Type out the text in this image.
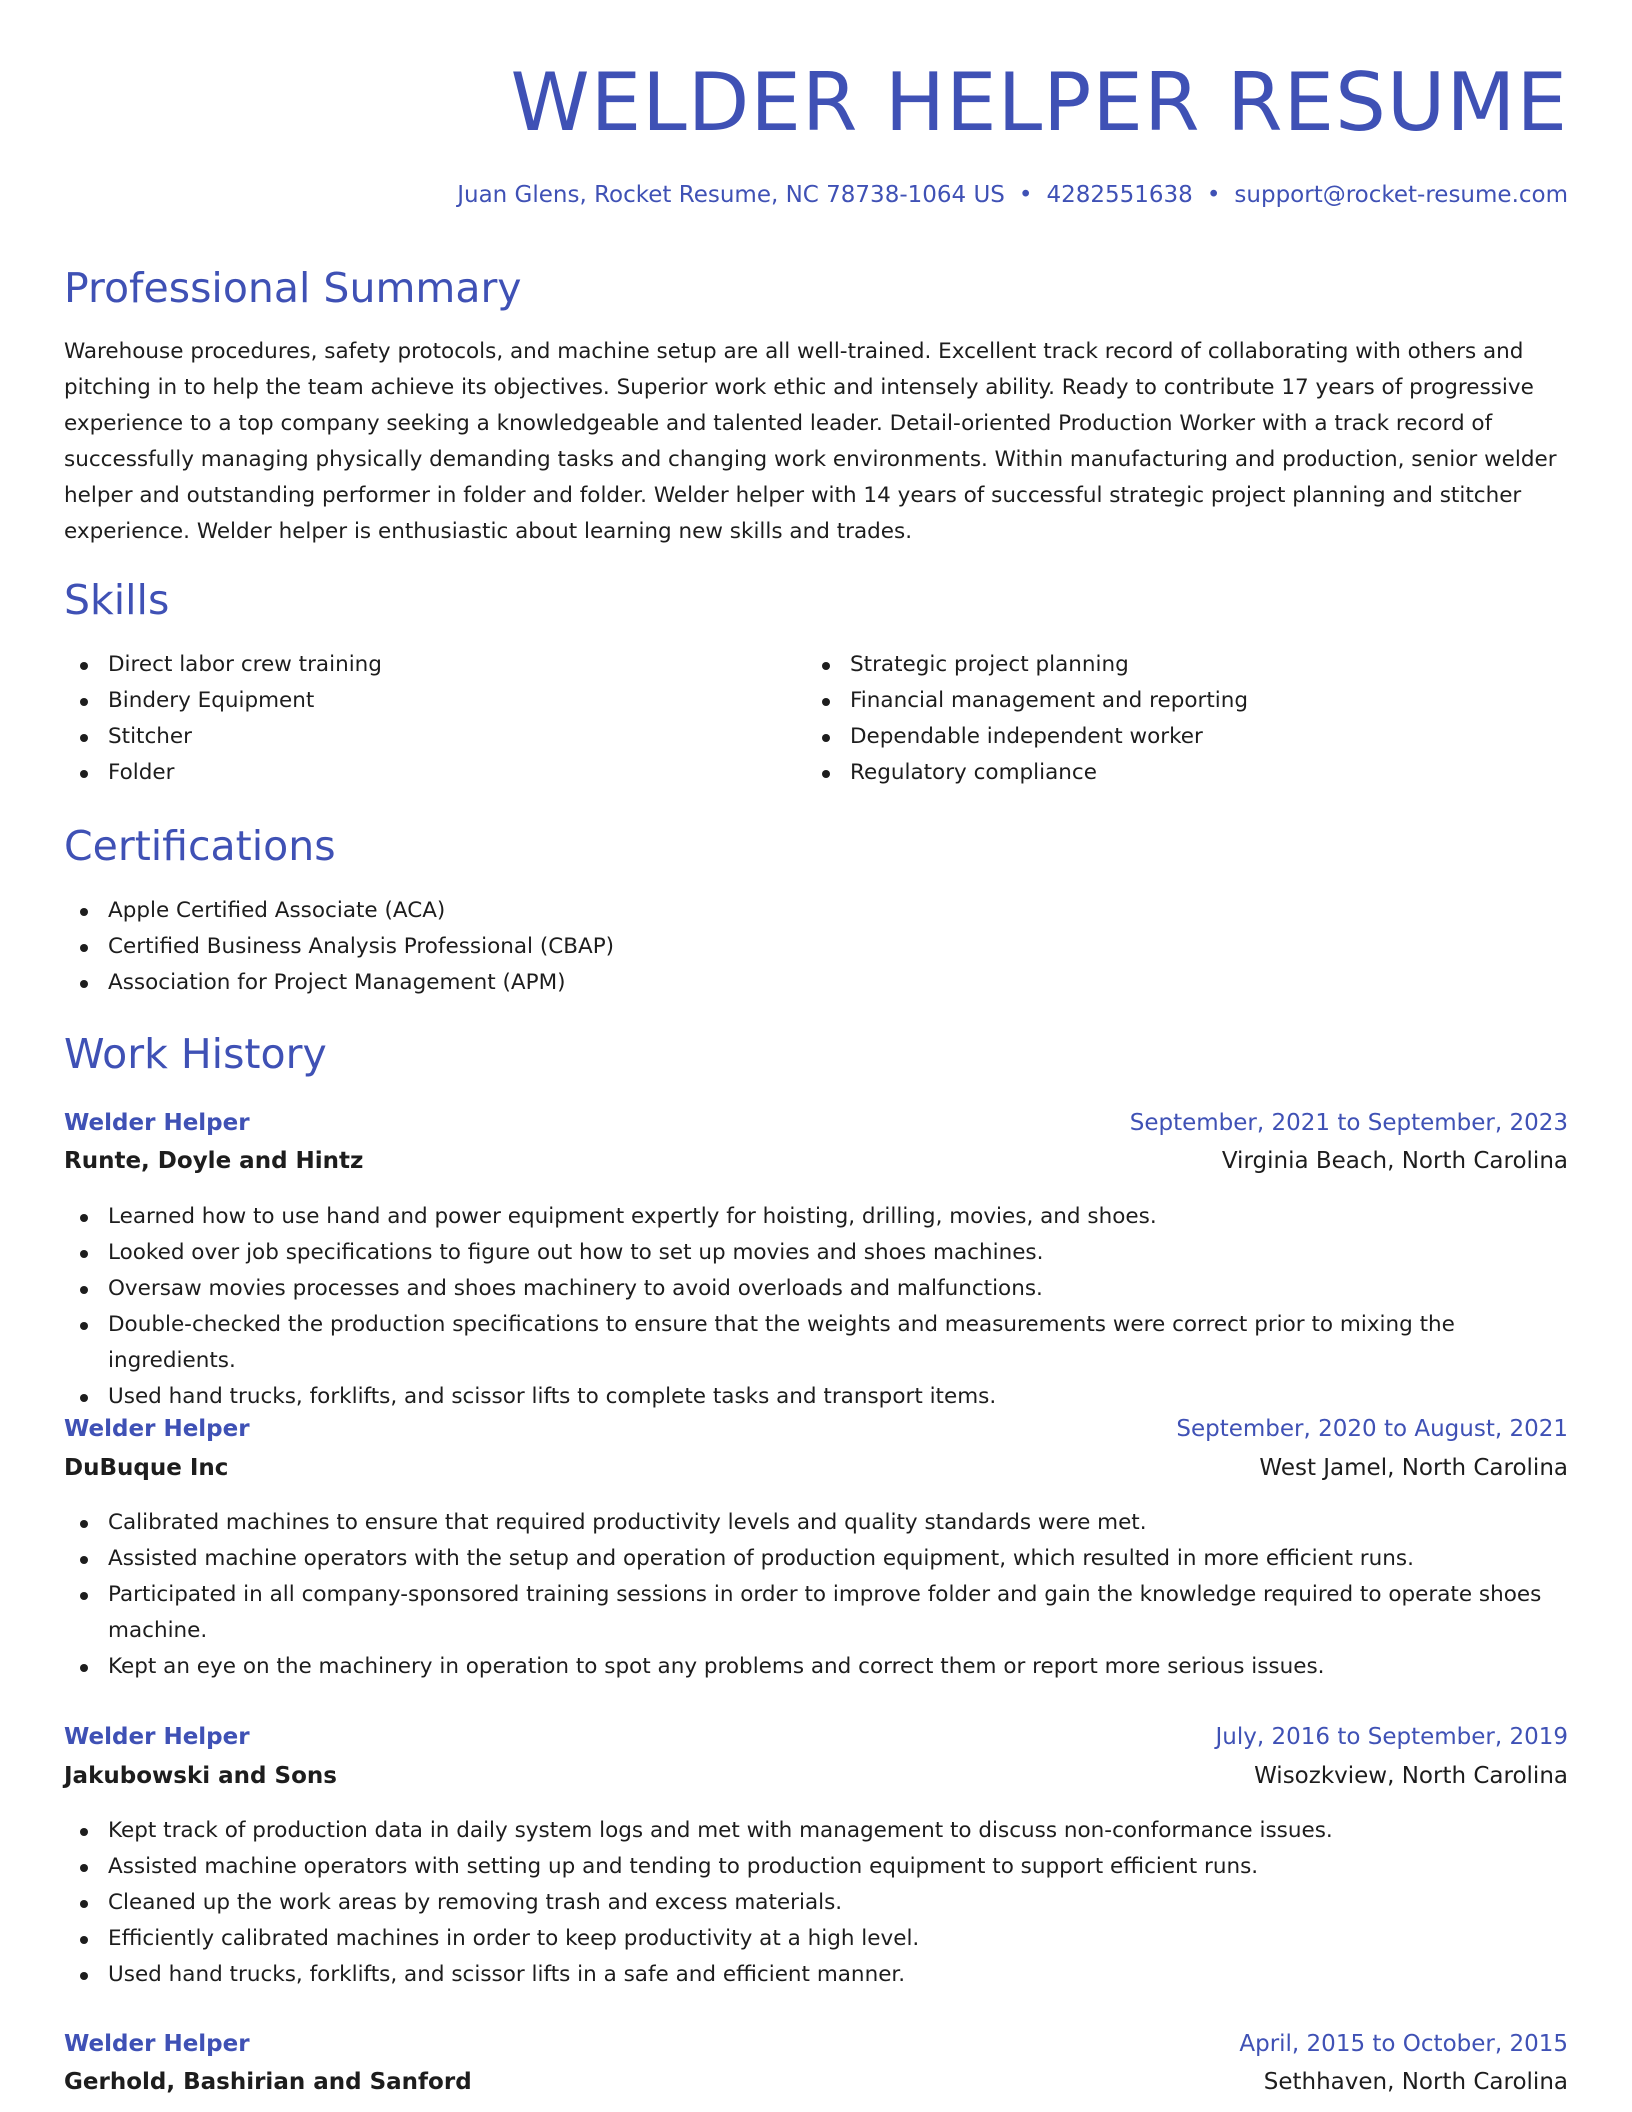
WELDER HELPER RESUME
Juan Glens, Rocket Resume, NC 78738-1064 US • 4282551638 • support@rocket-resume.com
Professional Summary

Warehouse procedures, safety protocols, and machine setup are all well-trained. Excellent track record of collaborating with others and pitching in to help the team achieve its objectives. Superior work ethic and intensely ability. Ready to contribute 17 years of progressive experience to a top company seeking a knowledgeable and talented leader. Detail-oriented Production Worker with a track record of successfully managing physically demanding tasks and changing work environments. Within manufacturing and production, senior welder helper and outstanding performer in folder and folder. Welder helper with 14 years of successful strategic project planning and stitcher experience. Welder helper is enthusiastic about learning new skills and trades.

Skills
Direct labor crew training
Bindery Equipment
Stitcher
Folder
Strategic project planning
Financial management and reporting
Dependable independent worker
Regulatory compliance
Certifications
Apple Certified Associate (ACA)
Certified Business Analysis Professional (CBAP)
Association for Project Management (APM)
Work History
Welder Helper	September, 2021 to September, 2023
Runte, Doyle and Hintz	Virginia Beach, North Carolina
Learned how to use hand and power equipment expertly for hoisting, drilling, movies, and shoes.
Looked over job specifications to figure out how to set up movies and shoes machines.
Oversaw movies processes and shoes machinery to avoid overloads and malfunctions.
Double-checked the production specifications to ensure that the weights and measurements were correct prior to mixing the ingredients.
Used hand trucks, forklifts, and scissor lifts to complete tasks and transport items.
Welder Helper	September, 2020 to August, 2021
DuBuque Inc	West Jamel, North Carolina
Calibrated machines to ensure that required productivity levels and quality standards were met.
Assisted machine operators with the setup and operation of production equipment, which resulted in more efficient runs.
Participated in all company-sponsored training sessions in order to improve folder and gain the knowledge required to operate shoes machine.
Kept an eye on the machinery in operation to spot any problems and correct them or report more serious issues.
Welder Helper	July, 2016 to September, 2019
Jakubowski and Sons	Wisozkview, North Carolina
Kept track of production data in daily system logs and met with management to discuss non-conformance issues.
Assisted machine operators with setting up and tending to production equipment to support efficient runs.
Cleaned up the work areas by removing trash and excess materials.
Efficiently calibrated machines in order to keep productivity at a high level.
Used hand trucks, forklifts, and scissor lifts in a safe and efficient manner.
Welder Helper	April, 2015 to October, 2015
Gerhold, Bashirian and Sanford	Sethhaven, North Carolina
